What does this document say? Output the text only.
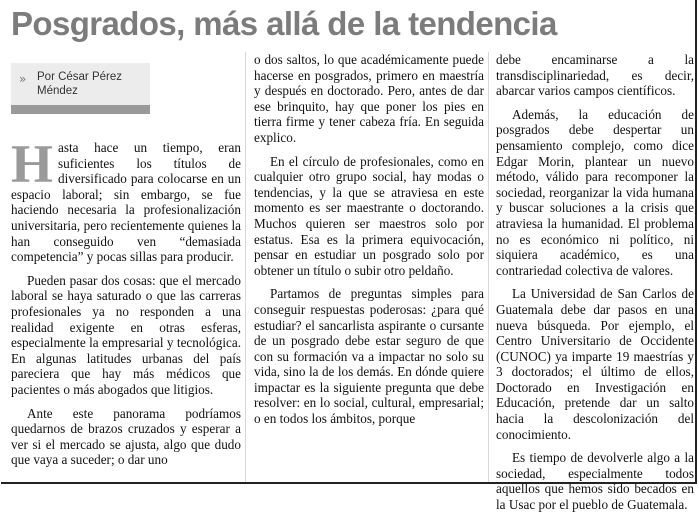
Posgrados, más allá de la tendencia
» Por César Pérez Méndez

Hasta hace un tiempo, eran suficientes los títulos de diversificado para colocarse en un espacio laboral; sin embargo, se fue haciendo necesaria la profesionalización universitaria, pero recientemente quienes la han conseguido ven “demasiada competencia” y pocas sillas para producir.

Pueden pasar dos cosas: que el mercado laboral se haya saturado o que las carreras profesionales ya no responden a una realidad exigente en otras esferas, especialmente la empresarial y tecnológica. En algunas latitudes urbanas del país pareciera que hay más médicos que pacientes o más abogados que litigios.

Ante este panorama podríamos quedarnos de brazos cruzados y esperar a ver si el mercado se ajusta, algo que dudo que vaya a suceder; o dar uno

o dos saltos, lo que académicamente puede hacerse en posgrados, primero en maestría y después en doctorado. Pero, antes de dar ese brinquito, hay que poner los pies en tierra firme y tener cabeza fría. En seguida explico.

En el círculo de profesionales, como en cualquier otro grupo social, hay modas o tendencias, y la que se atraviesa en este momento es ser maestrante o doctorando. Muchos quieren ser maestros solo por estatus. Esa es la primera equivocación, pensar en estudiar un posgrado solo por obtener un título o subir otro peldaño.

Partamos de preguntas simples para conseguir respuestas poderosas: ¿para qué estudiar? el sancarlista aspirante o cursante de un posgrado debe estar seguro de que con su formación va a impactar no solo su vida, sino la de los demás. En dónde quiere impactar es la siguiente pregunta que debe resolver: en lo social, cultural, empresarial; o en todos los ámbitos, porque

debe encaminarse a la transdisciplinariedad, es decir, abarcar varios campos científicos.

Además, la educación de posgrados debe despertar un pensamiento complejo, como dice Edgar Morin, plantear un nuevo método, válido para recomponer la sociedad, reorganizar la vida humana y buscar soluciones a la crisis que atraviesa la humanidad. El problema no es económico ni político, ni siquiera académico, es una contrariedad colectiva de valores.

La Universidad de San Carlos de Guatemala debe dar pasos en una nueva búsqueda. Por ejemplo, el Centro Universitario de Occidente (CUNOC) ya imparte 19 maestrías y 3 doctorados; el último de ellos, Doctorado en Investigación en Educación, pretende dar un salto hacia la descolonización del conocimiento.

Es tiempo de devolverle algo a la sociedad, especialmente todos aquellos que hemos sido becados en la Usac por el pueblo de Guatemala.
